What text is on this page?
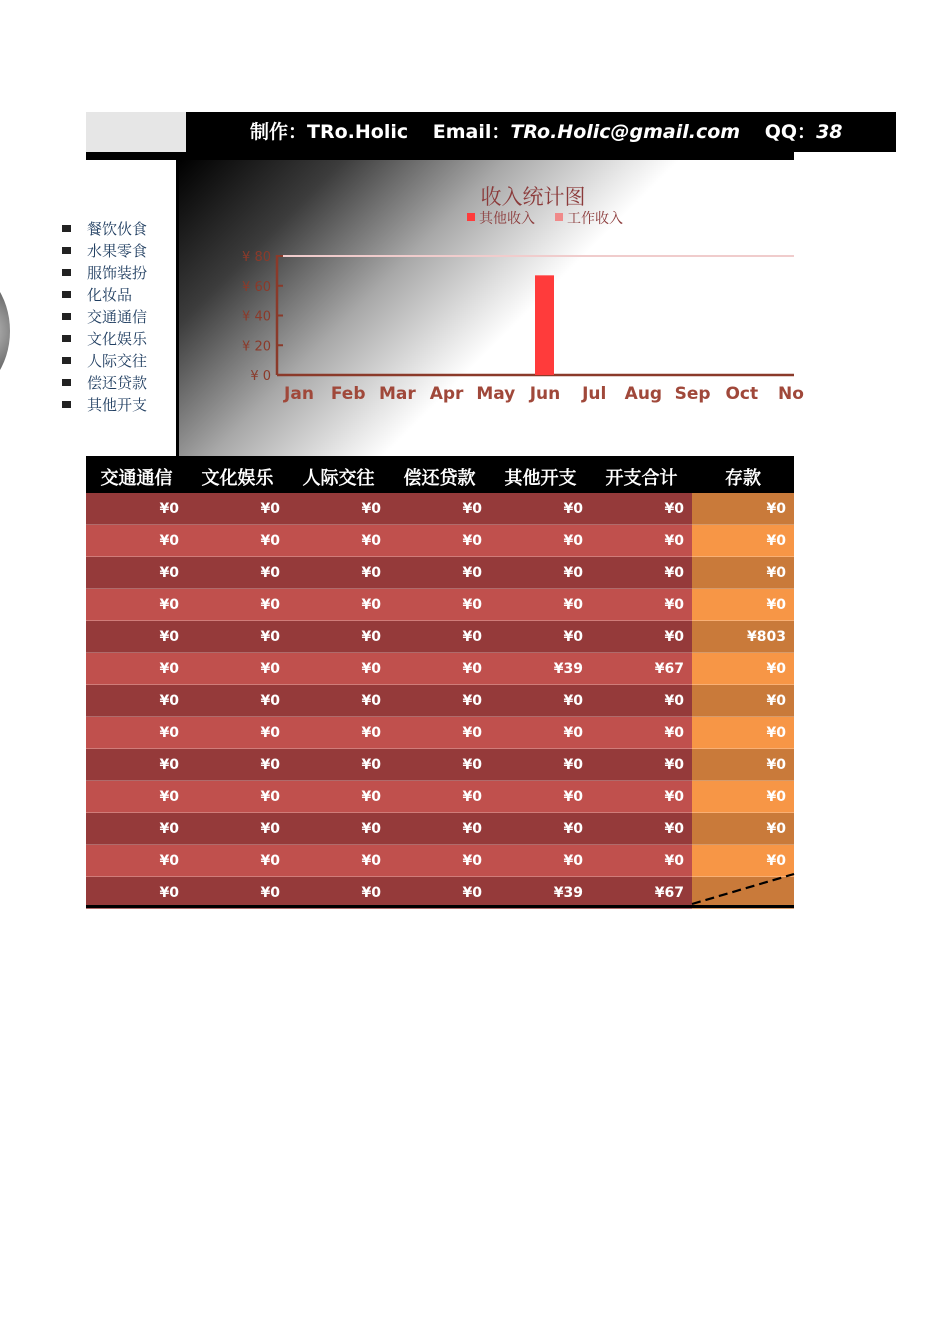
制作：TRo.Holic Email：TRo.Holic@gmail.com QQ：38
餐饮伙食
水果零食
服饰装扮
化妆品
交通通信
文化娱乐
人际交往
偿还贷款
其他开支
收入统计图
其他收入 工作收入
¥ 0
¥ 20
¥ 40
¥ 60
¥ 80
Jan Feb Mar Apr May Jun Jul Aug Sep Oct No
交通通信	文化娱乐	人际交往	偿还贷款	其他开支	开支合计	存款
¥0	¥0	¥0	¥0	¥0	¥0	¥0
¥0	¥0	¥0	¥0	¥0	¥0	¥0
¥0	¥0	¥0	¥0	¥0	¥0	¥0
¥0	¥0	¥0	¥0	¥0	¥0	¥0
¥0	¥0	¥0	¥0	¥0	¥0	¥803
¥0	¥0	¥0	¥0	¥39	¥67	¥0
¥0	¥0	¥0	¥0	¥0	¥0	¥0
¥0	¥0	¥0	¥0	¥0	¥0	¥0
¥0	¥0	¥0	¥0	¥0	¥0	¥0
¥0	¥0	¥0	¥0	¥0	¥0	¥0
¥0	¥0	¥0	¥0	¥0	¥0	¥0
¥0	¥0	¥0	¥0	¥0	¥0	¥0
¥0	¥0	¥0	¥0	¥39	¥67
